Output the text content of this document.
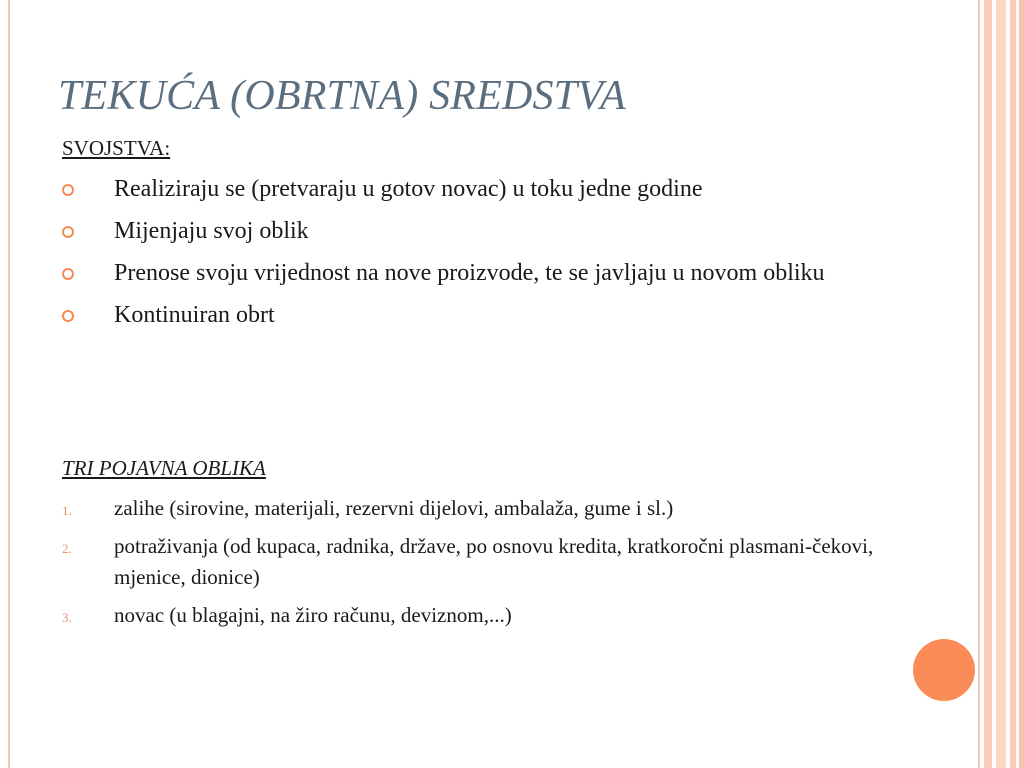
TEKUĆA (OBRTNA) SREDSTVA
SVOJSTVA:
Realiziraju se (pretvaraju u gotov novac) u toku jedne godine
Mijenjaju svoj oblik
Prenose svoju vrijednost na nove proizvode, te se javljaju u novom obliku
Kontinuiran obrt
TRI POJAVNA OBLIKA
1. zalihe (sirovine, materijali, rezervni dijelovi, ambalaža, gume i sl.)
2. potraživanja (od kupaca, radnika, države, po osnovu kredita, kratkoročni plasmani-čekovi, mjenice, dionice)
3. novac (u blagajni, na žiro računu, deviznom,...)
